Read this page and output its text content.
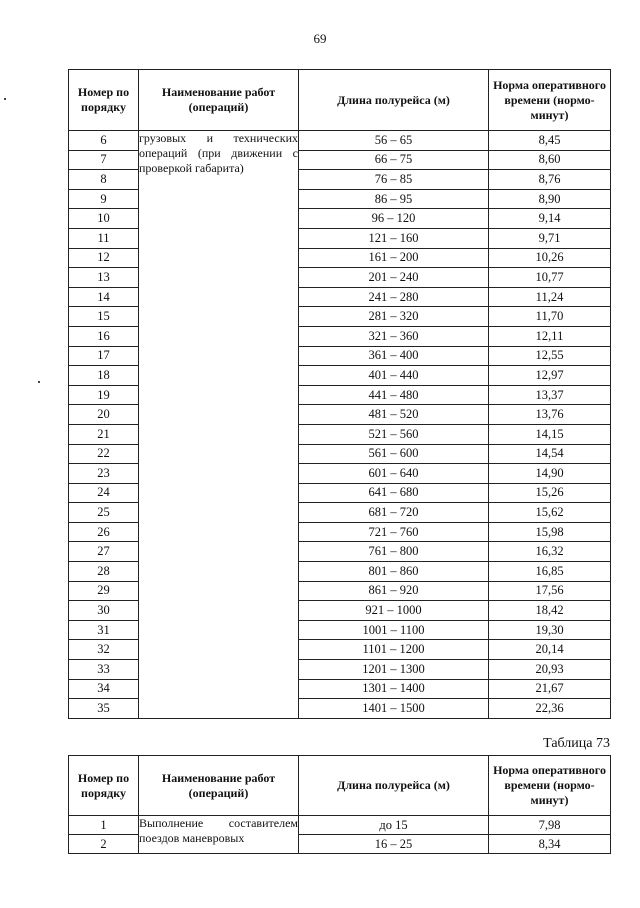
69
Номер по порядку	Наименование работ (операций)	Длина полурейса (м)	Норма оперативного времени (нормо-минут)
6	грузовых и технических операций (при движении с проверкой габарита)	56 – 65	8,45
7		66 – 75	8,60
8		76 – 85	8,76
9		86 – 95	8,90
10		96 – 120	9,14
11		121 – 160	9,71
12		161 – 200	10,26
13		201 – 240	10,77
14		241 – 280	11,24
15		281 – 320	11,70
16		321 – 360	12,11
17		361 – 400	12,55
18		401 – 440	12,97
19		441 – 480	13,37
20		481 – 520	13,76
21		521 – 560	14,15
22		561 – 600	14,54
23		601 – 640	14,90
24		641 – 680	15,26
25		681 – 720	15,62
26		721 – 760	15,98
27		761 – 800	16,32
28		801 – 860	16,85
29		861 – 920	17,56
30		921 – 1000	18,42
31		1001 – 1100	19,30
32		1101 – 1200	20,14
33		1201 – 1300	20,93
34		1301 – 1400	21,67
35		1401 – 1500	22,36
Таблица 73
Номер по порядку	Наименование работ (операций)	Длина полурейса (м)	Норма оперативного времени (нормо-минут)
1	Выполнение составителем поездов маневровых	до 15	7,98
2		16 – 25	8,34
